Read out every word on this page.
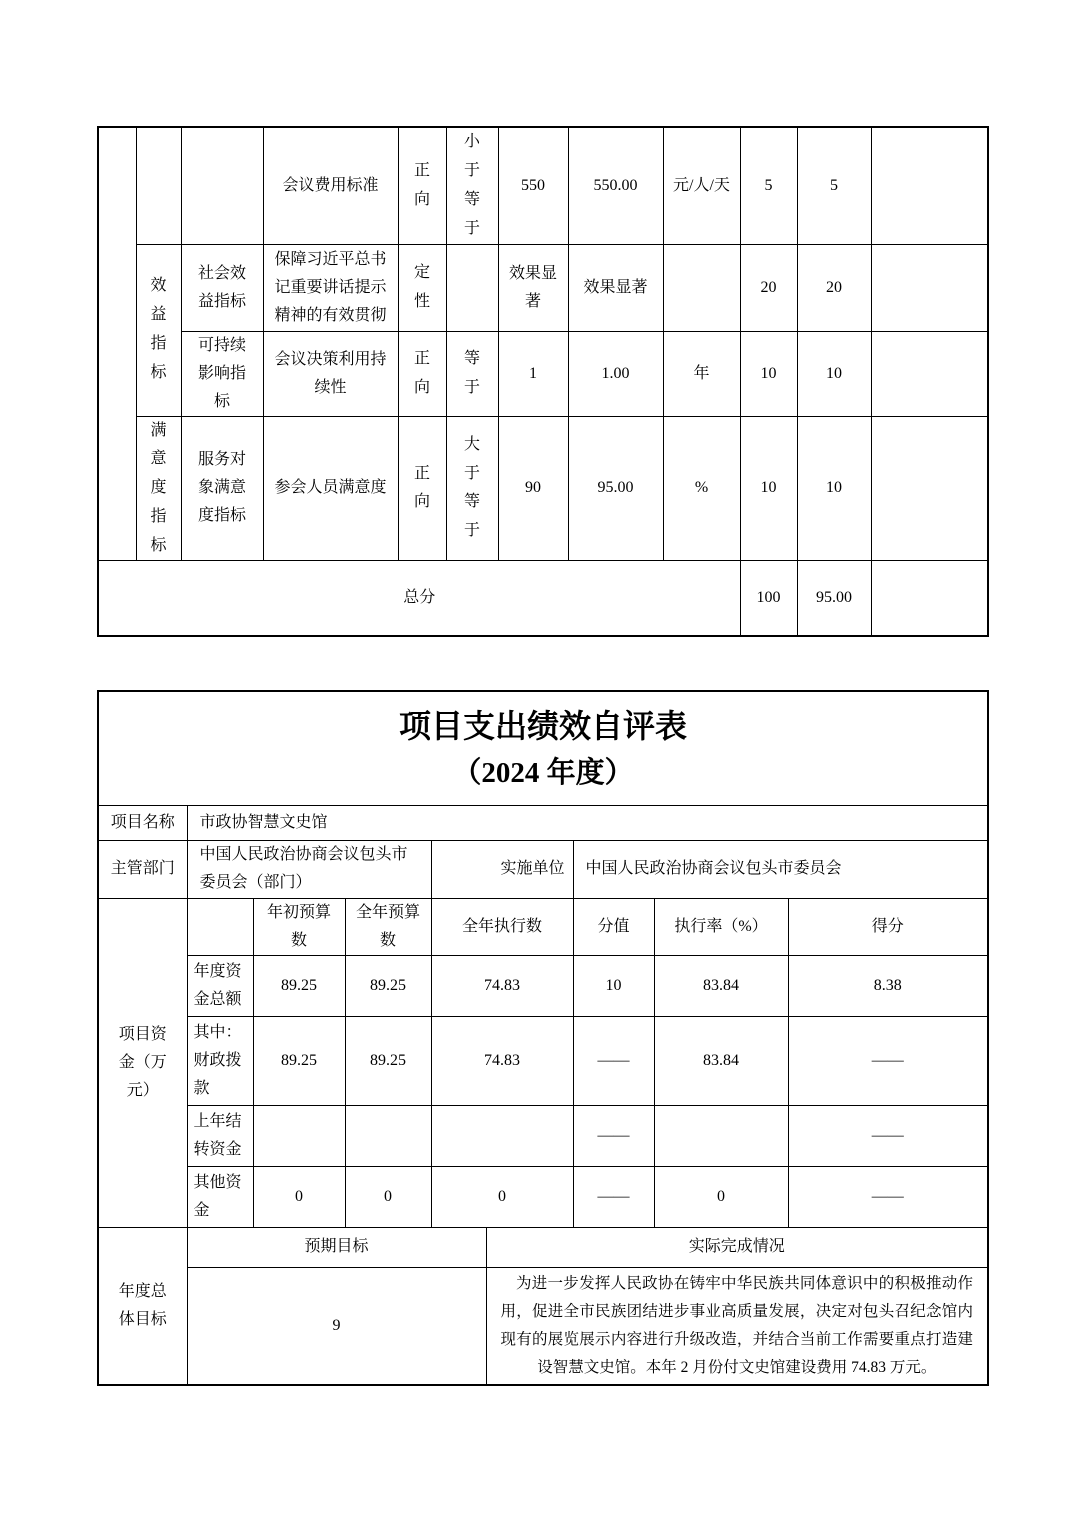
			会议费用标准	正向	小于等于	550	550.00	元/人/天	5	5	

	效益指标	社会效益指标	保障习近平总书记重要讲话提示精神的有效贯彻	定性		效果显著	效果显著		20	20	
		可持续影响指标	会议决策利用持续性	正向	等于	1	1.00	年	10	10	

	满意度指标	服务对象满意度指标	参会人员满意度	正向	大于等于	90	95.00	%	10	10	
总分									100	95.00	
项目支出绩效自评表
（2024 年度）								

项目名称	市政协智慧文史馆							
主管部门	中国人民政治协商会议包头市委员会（部门）			实施单位		中国人民政治协商会议包头市委员会		
项目资金（万元）		年初预算数	全年预算数	全年执行数		分值	执行率（%）	得分
	年度资金总额	89.25	89.25	74.83		10	83.84	8.38
	其中：财政拨款	89.25	89.25	74.83		——	83.84	——
	上年结转资金					——		——
	其他资金	0	0	0		——	0	——
年度总体目标	预期目标				实际完成情况			
	9				为进一步发挥人民政协在铸牢中华民族共同体意识中的积极推动作用，促进全市民族团结进步事业高质量发展，决定对包头召纪念馆内现有的展览展示内容进行升级改造，并结合当前工作需要重点打造建设智慧文史馆。本年 2 月份付文史馆建设费用 74.83 万元。			
